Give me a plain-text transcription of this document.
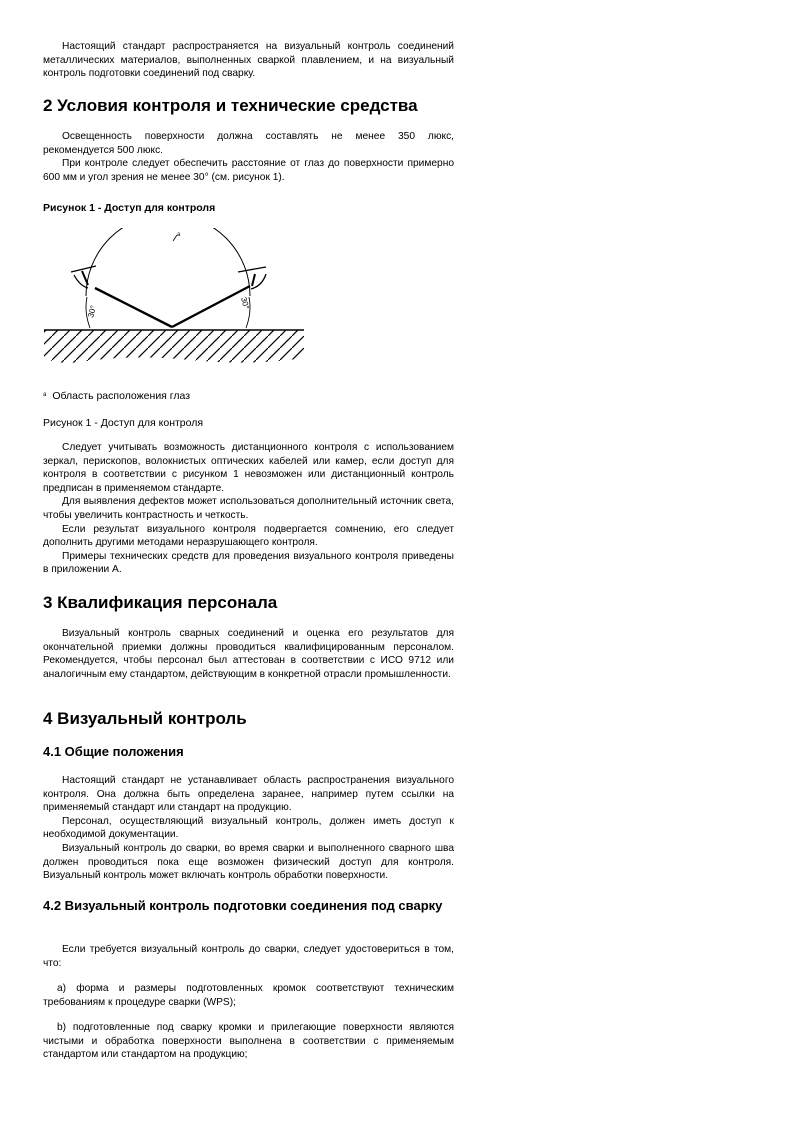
Настоящий стандарт распространяется на визуальный контроль соединений металлических материалов, выполненных сваркой плавлением, и на визуальный контроль подготовки соединений под сварку.

2 Условия контроля и технические средства

Освещенность поверхности должна составлять не менее 350 люкс, рекомендуется 500 люкс.

При контроле следует обеспечить расстояние от глаз до поверхности примерно 600 мм и угол зрения не менее 30° (см. рисунок 1).

Рисунок 1 - Доступ для контроля
a
30°
30°
$^a$ Область расположения глаз
Рисунок 1 - Доступ для контроля

Следует учитывать возможность дистанционного контроля с использованием зеркал, перископов, волокнистых оптических кабелей или камер, если доступ для контроля в соответствии с рисунком 1 невозможен или дистанционный контроль предписан в применяемом стандарте.

Для выявления дефектов может использоваться дополнительный источник света, чтобы увеличить контрастность и четкость.

Если результат визуального контроля подвергается сомнению, его следует дополнить другими методами неразрушающего контроля.

Примеры технических средств для проведения визуального контроля приведены в приложении А.

3 Квалификация персонала

Визуальный контроль сварных соединений и оценка его результатов для окончательной приемки должны проводиться квалифицированным персоналом. Рекомендуется, чтобы персонал был аттестован в соответствии с ИСО 9712 или аналогичным ему стандартом, действующим в конкретной отрасли промышленности.

4 Визуальный контроль
4.1 Общие положения

Настоящий стандарт не устанавливает область распространения визуального контроля. Она должна быть определена заранее, например путем ссылки на применяемый стандарт или стандарт на продукцию.

Персонал, осуществляющий визуальный контроль, должен иметь доступ к необходимой документации.

Визуальный контроль до сварки, во время сварки и выполненного сварного шва должен проводиться пока еще возможен физический доступ для контроля. Визуальный контроль может включать контроль обработки поверхности.

4.2 Визуальный контроль подготовки соединения под сварку

Если требуется визуальный контроль до сварки, следует удостовериться в том, что:

a) форма и размеры подготовленных кромок соответствуют техническим требованиям к процедуре сварки (WPS);

b) подготовленные под сварку кромки и прилегающие поверхности являются чистыми и обработка поверхности выполнена в соответствии с применяемым стандартом или стандартом на продукцию;
